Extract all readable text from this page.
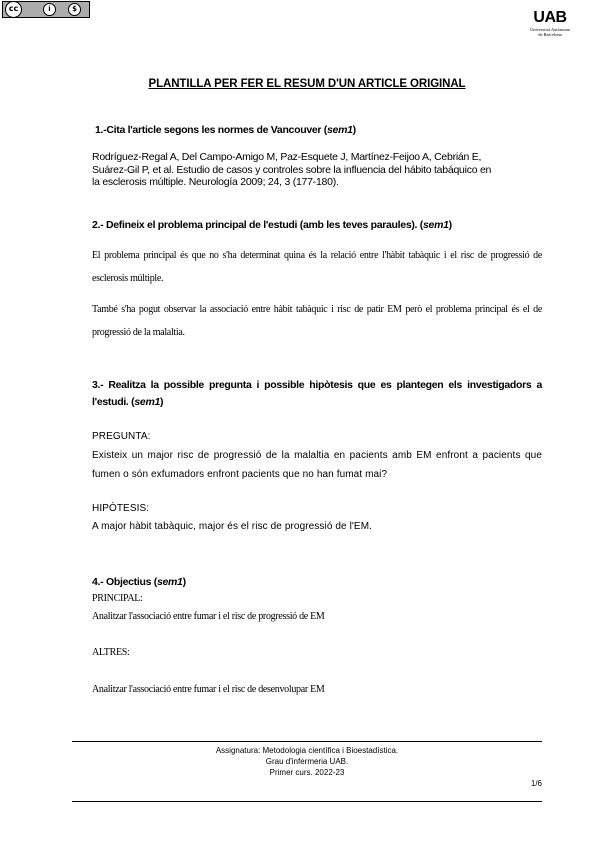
cc	i	$	UAB
Universitat Autònoma
de Barcelona
PLANTILLA PER FER EL RESUM D'UN ARTICLE ORIGINAL
1.-Cita l'article segons les normes de Vancouver (sem1)
Rodríguez-Regal A, Del Campo-Amigo M, Paz-Esquete J, Martínez-Feijoo A, Cebrián E,
Suárez-Gil P, et al. Estudio de casos y controles sobre la influencia del hábito tabáquico en
la esclerosis múltiple. Neurología 2009; 24, 3 (177-180).
2.- Defineix el problema principal de l'estudi (amb les teves paraules). (sem1)
El problema principal és que no s'ha determinat quina és la relació entre l'hàbit tabàquic i el risc de progressió de esclerosis múltiple.
També s'ha pogut observar la associació entre hàbit tabàquic i risc de patir EM però el problema principal és el de progressió de la malaltia.
3.- Realitza la possible pregunta i possible hipòtesis que es plantegen els investigadors a l'estudi. (sem1)
PREGUNTA:
Existeix un major risc de progressió de la malaltia en pacients amb EM enfront a pacients que fumen o són exfumadors enfront pacients que no han fumat mai?
HIPÒTESIS:
A major hàbit tabàquic, major és el risc de progressió de l'EM.
4.- Objectius (sem1)
PRINCIPAL:
Analitzar l'associació entre fumar i el risc de progressió de EM
ALTRES:
Analitzar l'associació entre fumar i el risc de desenvolupar EM
Assignatura: Metodologia científica i Bioestadística.
Grau d'infermeria UAB.
Primer curs. 2022-23
1/6
